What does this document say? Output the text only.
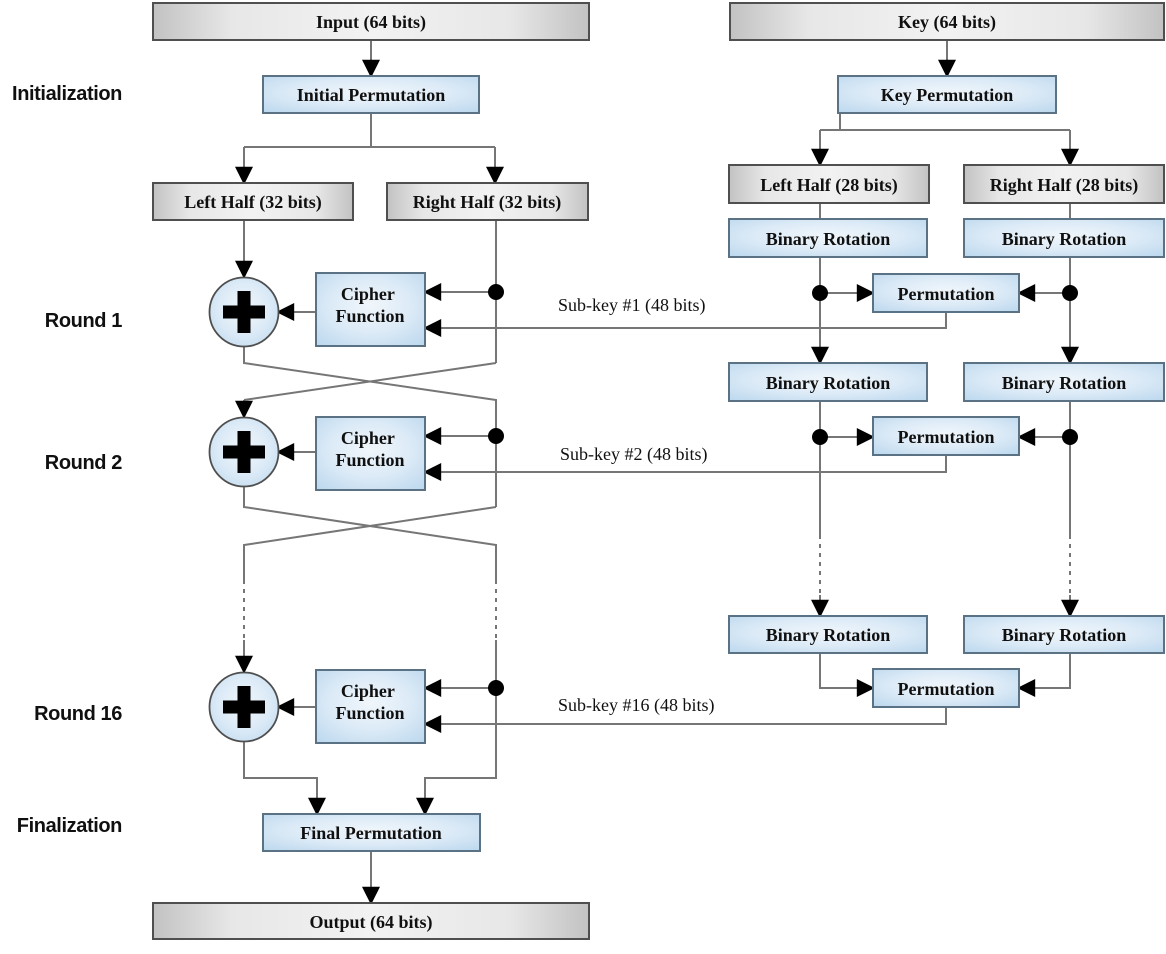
Initialization
Round 1
Round 2
Round 16
Finalization
Sub-key #1 (48 bits)
Sub-key #2 (48 bits)
Sub-key #16 (48 bits)
Input (64 bits)
Initial Permutation
Left Half (32 bits)	Right Half (32 bits)
Cipher Function
Cipher Function
Cipher Function
Final Permutation
Output (64 bits)
Key (64 bits)
Key Permutation
Left Half (28 bits)	Right Half (28 bits)
Binary Rotation	Binary Rotation
Permutation
Binary Rotation	Binary Rotation
Permutation
Binary Rotation	Binary Rotation
Permutation
